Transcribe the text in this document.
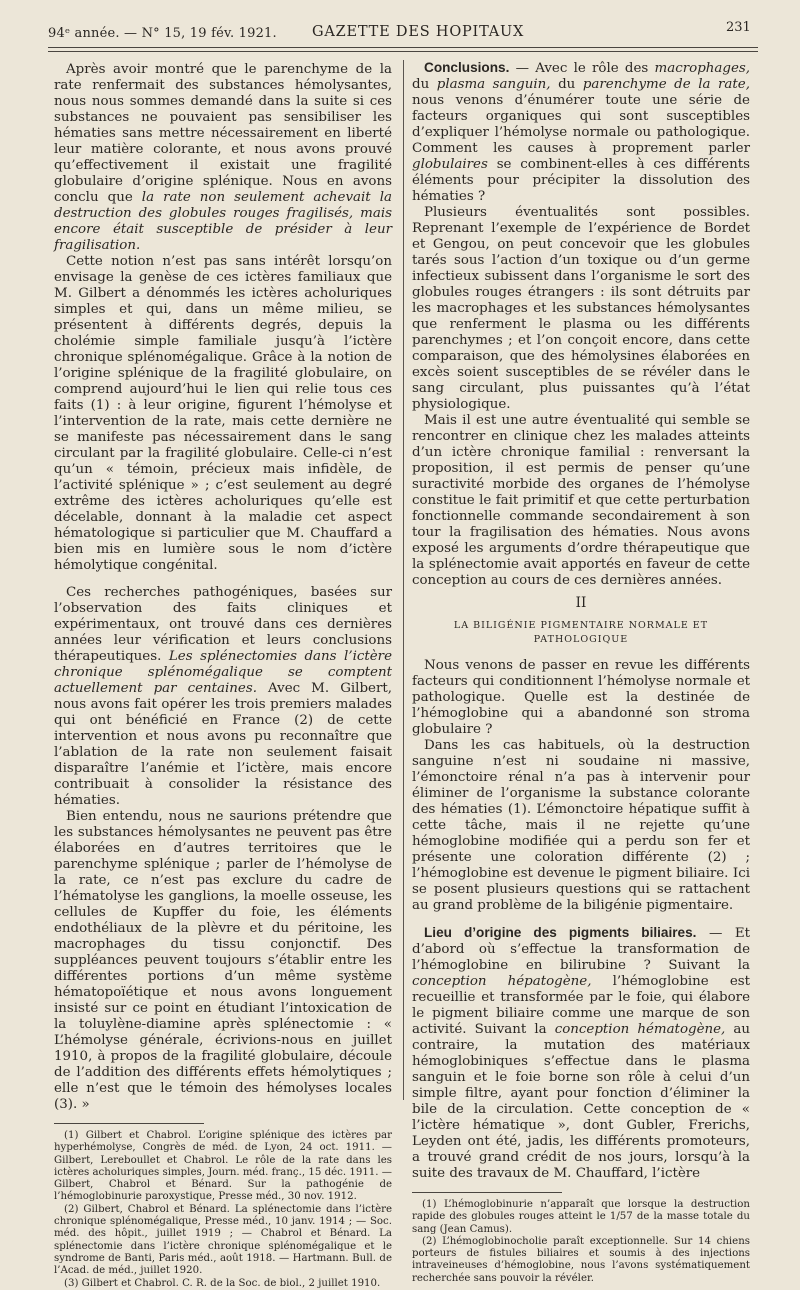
94ᵉ année. — N° 15, 19 fév. 1921. GAZETTE DES HOPITAUX	231

Après avoir montré que le parenchyme de la rate renfermait des substances hémolysantes, nous nous sommes demandé dans la suite si ces substances ne pouvaient pas sensibiliser les hématies sans mettre nécessairement en liberté leur matière colorante, et nous avons prouvé qu’effectivement il existait une fragilité globulaire d’origine splénique. Nous en avons conclu que la rate non seulement achevait la destruction des globules rouges fragilisés, mais encore était susceptible de présider à leur fragilisation.

Cette notion n’est pas sans intérêt lorsqu’on envisage la genèse de ces ictères familiaux que M. Gilbert a dénommés les ictères acholuriques simples et qui, dans un même milieu, se présentent à différents degrés, depuis la cholémie simple familiale jusqu’à l’ictère chronique splénomégalique. Grâce à la notion de l’origine splénique de la fragilité globulaire, on comprend aujourd’hui le lien qui relie tous ces faits (1) : à leur origine, figurent l’hémolyse et l’intervention de la rate, mais cette dernière ne se manifeste pas nécessairement dans le sang circulant par la fragilité globulaire. Celle-ci n’est qu’un « témoin, précieux mais infidèle, de l’activité splénique » ; c’est seulement au degré extrême des ictères acholuriques qu’elle est décelable, donnant à la maladie cet aspect hématologique si particulier que M. Chauffard a bien mis en lumière sous le nom d’ictère hémolytique congénital.

Ces recherches pathogéniques, basées sur l’observation des faits cliniques et expérimentaux, ont trouvé dans ces dernières années leur vérification et leurs conclusions thérapeutiques. Les splénectomies dans l’ictère chronique splénomégalique se comptent actuellement par centaines. Avec M. Gilbert, nous avons fait opérer les trois premiers malades qui ont bénéficié en France (2) de cette intervention et nous avons pu reconnaître que l’ablation de la rate non seulement faisait disparaître l’anémie et l’ictère, mais encore contribuait à consolider la résistance des hématies.

Bien entendu, nous ne saurions prétendre que les substances hémolysantes ne peuvent pas être élaborées en d’autres territoires que le parenchyme splénique ; parler de l’hémolyse de la rate, ce n’est pas exclure du cadre de l’hématolyse les ganglions, la moelle osseuse, les cellules de Kupffer du foie, les éléments endothéliaux de la plèvre et du péritoine, les macrophages du tissu conjonctif. Des suppléances peuvent toujours s’établir entre les différentes portions d’un même système hématopoïétique et nous avons longuement insisté sur ce point en étudiant l’intoxication de la toluylène-diamine après splénectomie : « L’hémolyse générale, écrivions-nous en juillet 1910, à propos de la fragilité globulaire, découle de l’addition des différents effets hémolytiques ; elle n’est que le témoin des hémolyses locales (3). »

(1) Gilbert et Chabrol. L’origine splénique des ictères par hyperhémolyse, Congrès de méd. de Lyon, 24 oct. 1911. — Gilbert, Lereboullet et Chabrol. Le rôle de la rate dans les ictères acholuriques simples, Journ. méd. franç., 15 déc. 1911. — Gilbert, Chabrol et Bénard. Sur la pathogénie de l’hémoglobinurie paroxystique, Presse méd., 30 nov. 1912.

(2) Gilbert, Chabrol et Bénard. La splénectomie dans l’ictère chronique splénomégalique, Presse méd., 10 janv. 1914 ; — Soc. méd. des hôpit., juillet 1919 ; — Chabrol et Bénard. La splénectomie dans l’ictère chronique splénomégalique et le syndrome de Banti, Paris méd., août 1918. — Hartmann. Bull. de l’Acad. de méd., juillet 1920.

(3) Gilbert et Chabrol. C. R. de la Soc. de biol., 2 juillet 1910.

Conclusions. — Avec le rôle des macrophages, du plasma sanguin, du parenchyme de la rate, nous venons d’énumérer toute une série de facteurs organiques qui sont susceptibles d’expliquer l’hémolyse normale ou pathologique. Comment les causes à proprement parler globulaires se combinent-elles à ces différents éléments pour précipiter la dissolution des hématies ?

Plusieurs éventualités sont possibles. Reprenant l’exemple de l’expérience de Bordet et Gengou, on peut concevoir que les globules tarés sous l’action d’un toxique ou d’un germe infectieux subissent dans l’organisme le sort des globules rouges étrangers : ils sont détruits par les macrophages et les substances hémolysantes que renferment le plasma ou les différents parenchymes ; et l’on conçoit encore, dans cette comparaison, que des hémolysines élaborées en excès soient susceptibles de se révéler dans le sang circulant, plus puissantes qu’à l’état physiologique.

Mais il est une autre éventualité qui semble se rencontrer en clinique chez les malades atteints d’un ictère chronique familial : renversant la proposition, il est permis de penser qu’une suractivité morbide des organes de l’hémolyse constitue le fait primitif et que cette perturbation fonctionnelle commande secondairement à son tour la fragilisation des hématies. Nous avons exposé les arguments d’ordre thérapeutique que la splénectomie avait apportés en faveur de cette conception au cours de ces dernières années.

II
LA BILIGÉNIE PIGMENTAIRE NORMALE ET PATHOLOGIQUE

Nous venons de passer en revue les différents facteurs qui conditionnent l’hémolyse normale et pathologique. Quelle est la destinée de l’hémoglobine qui a abandonné son stroma globulaire ?

Dans les cas habituels, où la destruction sanguine n’est ni soudaine ni massive, l’émonctoire rénal n’a pas à intervenir pour éliminer de l’organisme la substance colorante des hématies (1). L’émonctoire hépatique suffit à cette tâche, mais il ne rejette qu’une hémoglobine modifiée qui a perdu son fer et présente une coloration différente (2) ; l’hémoglobine est devenue le pigment biliaire. Ici se posent plusieurs questions qui se rattachent au grand problème de la biligénie pigmentaire.

Lieu d’origine des pigments biliaires. — Et d’abord où s’effectue la transformation de l’hémoglobine en bilirubine ? Suivant la conception hépatogène, l’hémoglobine est recueillie et transformée par le foie, qui élabore le pigment biliaire comme une marque de son activité. Suivant la conception hématogène, au contraire, la mutation des matériaux hémoglobiniques s’effectue dans le plasma sanguin et le foie borne son rôle à celui d’un simple filtre, ayant pour fonction d’éliminer la bile de la circulation. Cette conception de « l’ictère hématique », dont Gubler, Frerichs, Leyden ont été, jadis, les différents promoteurs, a trouvé grand crédit de nos jours, lorsqu’à la suite des travaux de M. Chauffard, l’ictère

(1) L’hémoglobinurie n’apparaît que lorsque la destruction rapide des globules rouges atteint le 1/57 de la masse totale du sang (Jean Camus).

(2) L’hémoglobinocholie paraît exceptionnelle. Sur 14 chiens porteurs de fistules biliaires et soumis à des injections intraveineuses d’hémoglobine, nous l’avons systématiquement recherchée sans pouvoir la révéler.
